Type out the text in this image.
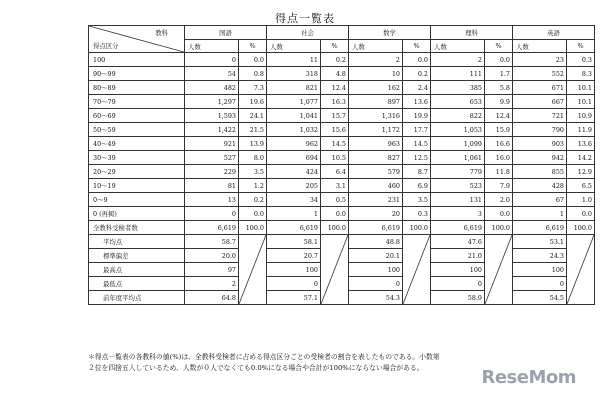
得点一覧表
教科
得点区分	国語		社会		数学		理科		英語	
	人数	%	人数	%	人数	%	人数	%	人数	%
100	0	0.0	11	0.2	2	0.0	2	0.0	23	0.3
90～99	54	0.8	318	4.8	10	0.2	111	1.7	552	8.3
80～89	482	7.3	821	12.4	162	2.4	385	5.8	671	10.1
70～79	1,297	19.6	1,077	16.3	897	13.6	653	9.9	667	10.1
60～69	1,593	24.1	1,041	15.7	1,316	19.9	822	12.4	721	10.9
50～59	1,422	21.5	1,032	15.6	1,172	17.7	1,053	15.9	790	11.9
40～49	921	13.9	962	14.5	963	14.5	1,099	16.6	903	13.6
30～39	527	8.0	694	10.5	827	12.5	1,061	16.0	942	14.2
20～29	229	3.5	424	6.4	579	8.7	779	11.8	855	12.9
10～19	81	1.2	205	3.1	460	6.9	523	7.9	428	6.5
0～9	13	0.2	34	0.5	231	3.5	131	2.0	67	1.0
0 (再掲)	0	0.0	1	0.0	20	0.3	3	0.0	1	0.0
全教科受検者数	6,619	100.0	6,619	100.0	6,619	100.0	6,619	100.0	6,619	100.0
平均点	58.7		58.1		48.8		47.6		53.1	

標準偏差	20.0		20.7		20.1		21.0		24.3	
最高点	97		100		100		100		100	
最低点	2		0		0		0		0	
前年度平均点	64.8		57.1		54.3		58.9		54.5	
＊得点一覧表の各教科の値(%)は、全教科受検者に占める得点区分ごとの受検者の割合を表したものである。小数第
２位を四捨五入しているため、人数が０人でなくても0.0%になる場合や合計が100%にならない場合がある。	ReseMom
